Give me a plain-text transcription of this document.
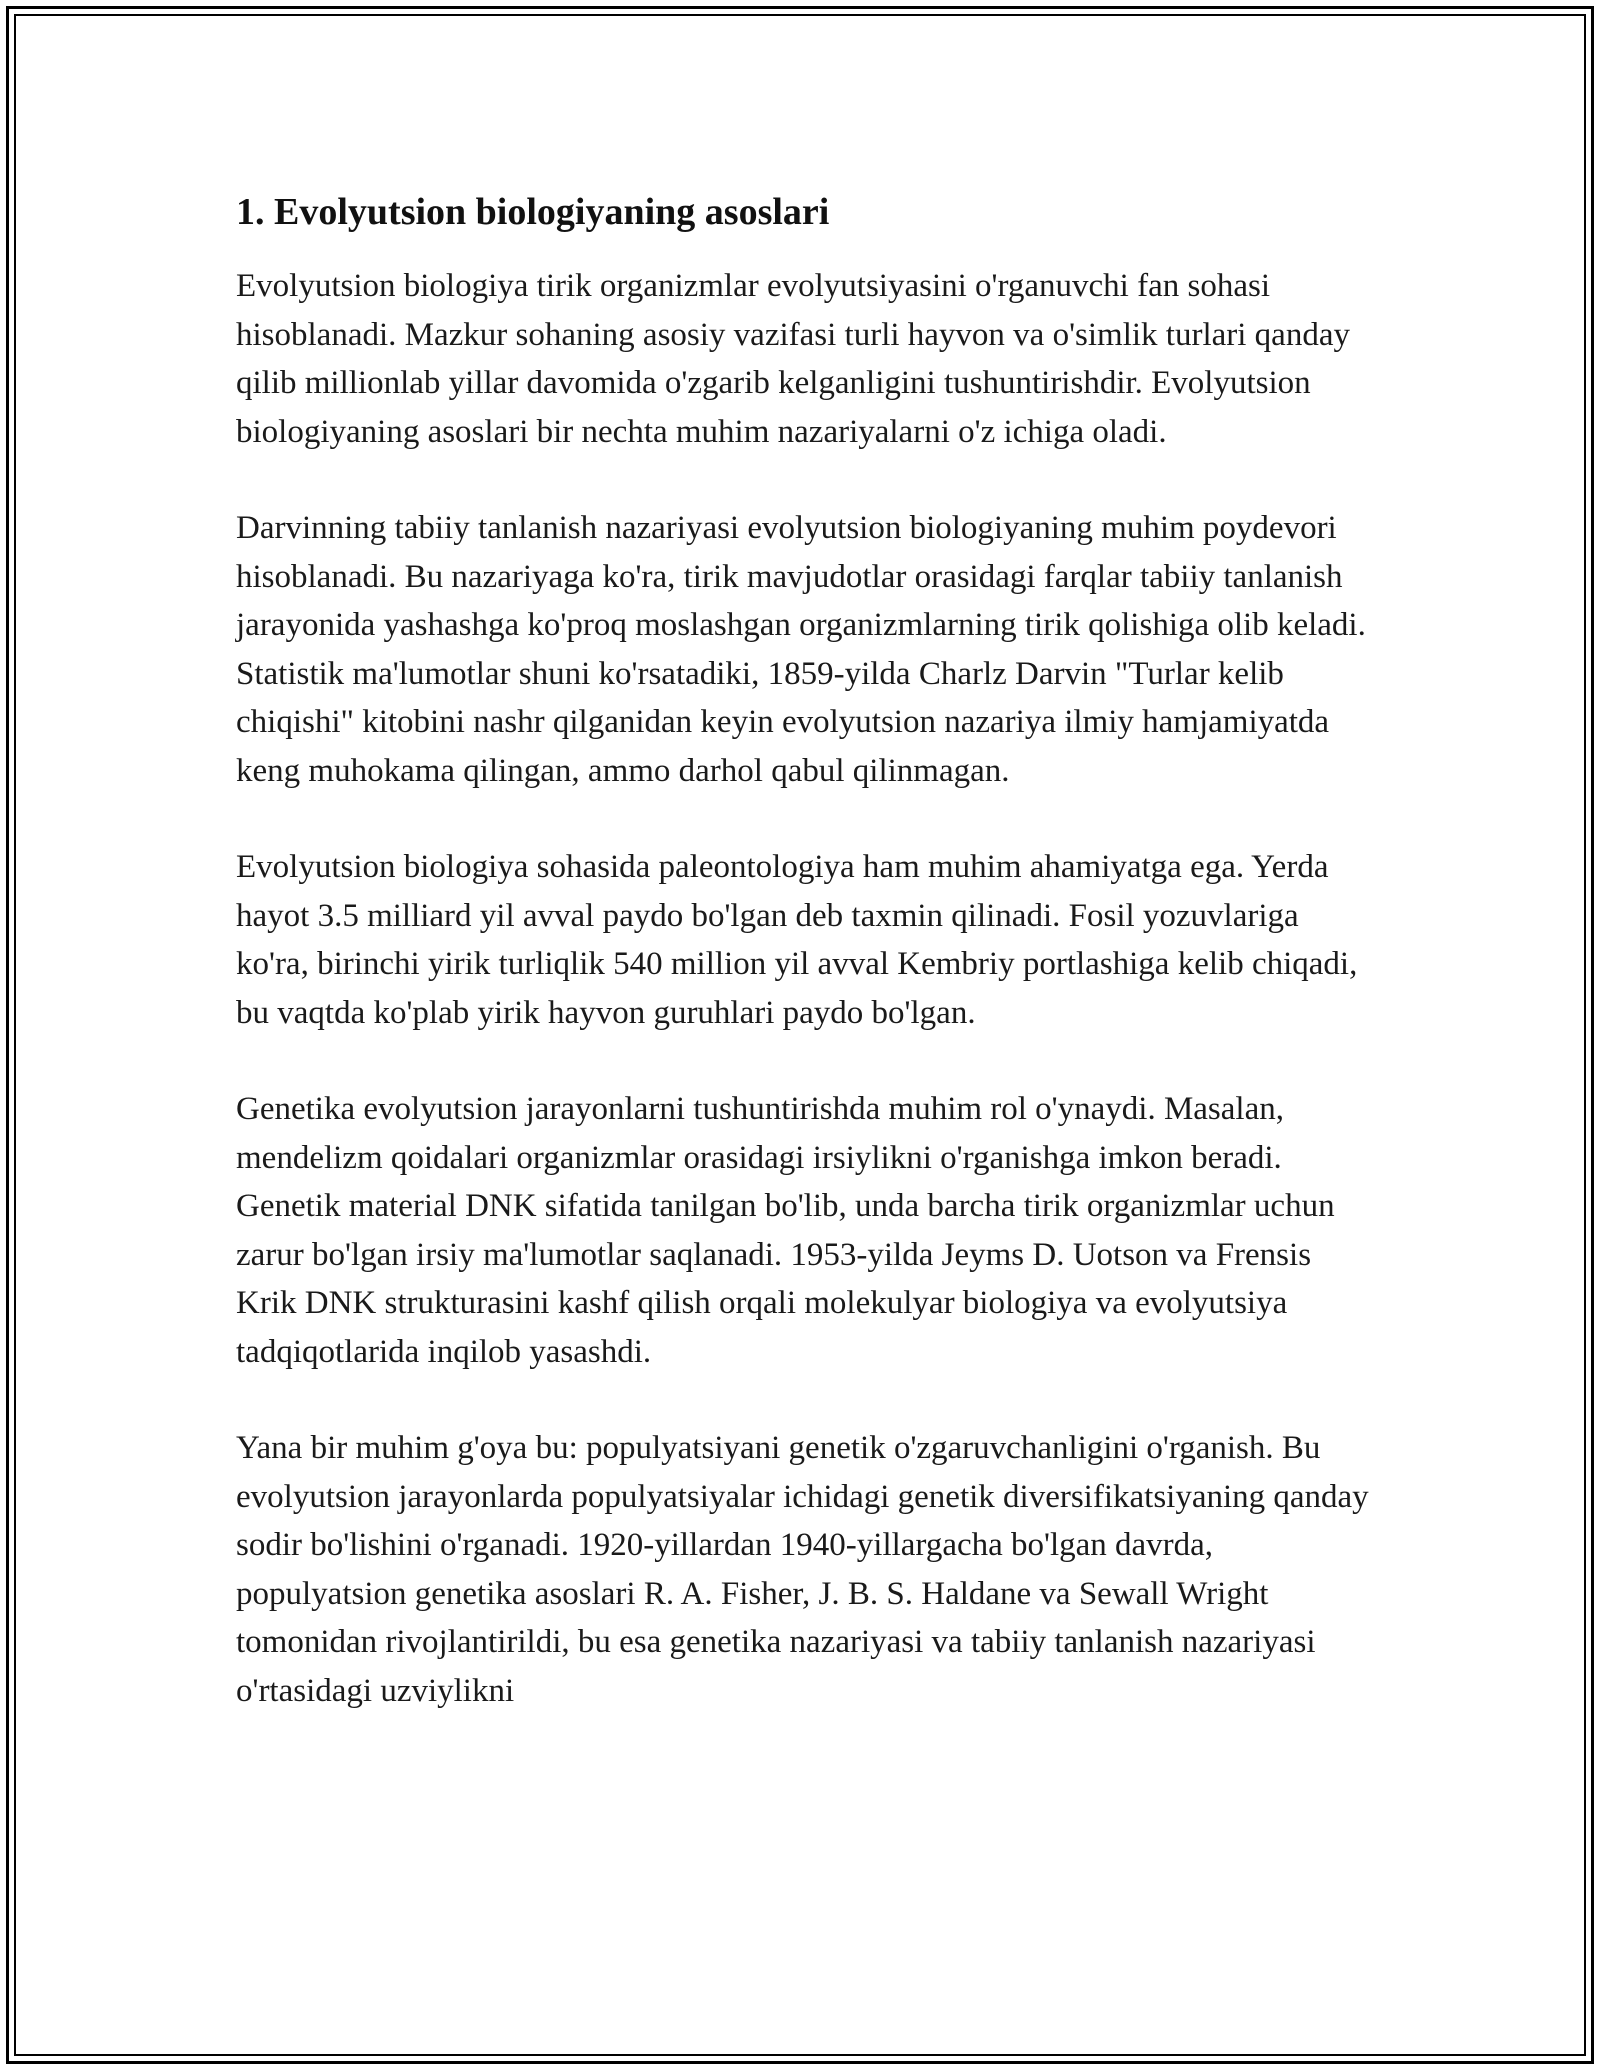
1. Evolyutsion biologiyaning asoslari

Evolyutsion biologiya tirik organizmlar evolyutsiyasini o'rganuvchi fan sohasi hisoblanadi. Mazkur sohaning asosiy vazifasi turli hayvon va o'simlik turlari qanday qilib millionlab yillar davomida o'zgarib kelganligini tushuntirishdir. Evolyutsion biologiyaning asoslari bir nechta muhim nazariyalarni o'z ichiga oladi.

Darvinning tabiiy tanlanish nazariyasi evolyutsion biologiyaning muhim poydevori hisoblanadi. Bu nazariyaga ko'ra, tirik mavjudotlar orasidagi farqlar tabiiy tanlanish jarayonida yashashga ko'proq moslashgan organizmlarning tirik qolishiga olib keladi. Statistik ma'lumotlar shuni ko'rsatadiki, 1859-yilda Charlz Darvin "Turlar kelib chiqishi" kitobini nashr qilganidan keyin evolyutsion nazariya ilmiy hamjamiyatda keng muhokama qilingan, ammo darhol qabul qilinmagan.

Evolyutsion biologiya sohasida paleontologiya ham muhim ahamiyatga ega. Yerda hayot 3.5 milliard yil avval paydo bo'lgan deb taxmin qilinadi. Fosil yozuvlariga ko'ra, birinchi yirik turliqlik 540 million yil avval Kembriy portlashiga kelib chiqadi, bu vaqtda ko'plab yirik hayvon guruhlari paydo bo'lgan.

Genetika evolyutsion jarayonlarni tushuntirishda muhim rol o'ynaydi. Masalan, mendelizm qoidalari organizmlar orasidagi irsiylikni o'rganishga imkon beradi. Genetik material DNK sifatida tanilgan bo'lib, unda barcha tirik organizmlar uchun zarur bo'lgan irsiy ma'lumotlar saqlanadi. 1953-yilda Jeyms D. Uotson va Frensis Krik DNK strukturasini kashf qilish orqali molekulyar biologiya va evolyutsiya tadqiqotlarida inqilob yasashdi.

Yana bir muhim g'oya bu: populyatsiyani genetik o'zgaruvchanligini o'rganish. Bu evolyutsion jarayonlarda populyatsiyalar ichidagi genetik diversifikatsiyaning qanday sodir bo'lishini o'rganadi. 1920-yillardan 1940-yillargacha bo'lgan davrda, populyatsion genetika asoslari R. A. Fisher, J. B. S. Haldane va Sewall Wright tomonidan rivojlantirildi, bu esa genetika nazariyasi va tabiiy tanlanish nazariyasi o'rtasidagi uzviylikni
